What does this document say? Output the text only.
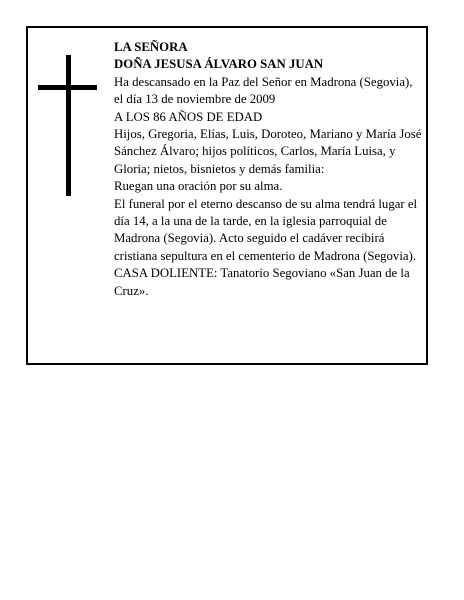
LA SEÑORA

DOÑA JESUSA ÁLVARO SAN JUAN

Ha descansado en la Paz del Señor en Madrona (Segovia), el día 13 de noviembre de 2009

A LOS 86 AÑOS DE EDAD

Hijos, Gregoria, Elías, Luis, Doroteo, Mariano y María José Sánchez Álvaro; hijos políticos, Carlos, María Luisa, y Gloria; nietos, bisnietos y demás familia:

Ruegan una oración por su alma.

El funeral por el eterno descanso de su alma tendrá lugar el día 14, a la una de la tarde, en la iglesia parroquial de Madrona (Segovia). Acto seguido el cadáver recibirá cristiana sepultura en el cementerio de Madrona (Segovia).

CASA DOLIENTE: Tanatorio Segoviano «San Juan de la Cruz».
